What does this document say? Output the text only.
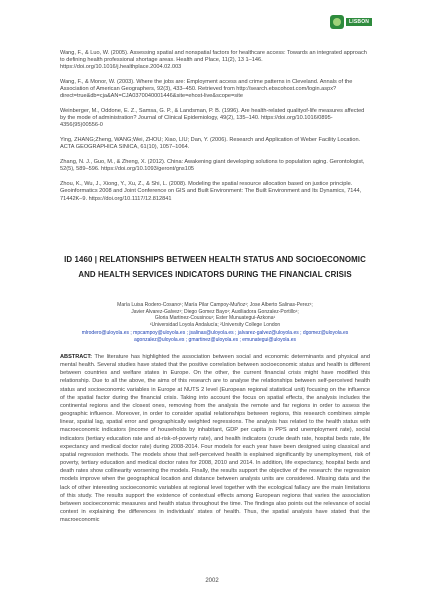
LISBON

Wang, F., & Luo, W. (2005). Assessing spatial and nonspatial factors for healthcare access: Towards an integrated approach to defining health professional shortage areas. Health and Place, 11(2), 13 1–146. https://doi.org/10.1016/j.healthplace.2004.02.003

Wang, F., & Monor, W. (2003). Where the jobs are: Employment access and crime patterns in Cleveland. Annals of the Association of American Geographers, 92(3), 433–450. Retrieved from http://search.ebscohost.com/login.aspx?direct=true&db=cja&AN=CJA0370040001446&site=ehost-live&scope=site

Weinberger, M., Oddone, E. Z., Samsa, G. P., & Landsman, P. B. (1996). Are health-related qualityof-life measures affected by the mode of administration? Journal of Clinical Epidemiology, 49(2), 135–140. https://doi.org/10.1016/0895-4356(95)00556-0

Ying, ZHANG;Zheng, WANG;Wei, ZHOU; Xiao, LIU; Dan, Y. (2006). Research and Application of Weber Facility Location. ACTA GEOGRAPHICA SINICA, 61(10), 1057–1064.

Zhang, N. J., Guo, M., & Zheng, X. (2012). China: Awakening giant developing solutions to population aging. Gerontologist, 52(5), 589–596. https://doi.org/10.1093/geront/gns105

Zhou, K., Wu, J., Xiong, Y., Xu, Z., & Shi, L. (2008). Modeling the spatial resource allocation based on justice principle. Geoinformatics 2008 and Joint Conference on GIS and Built Environment: The Built Environment and Its Dynamics, 7144, 71442K–9. https://doi.org/10.1117/12.812841

ID 1460 | RELATIONSHIPS BETWEEN HEALTH STATUS AND SOCIOECONOMIC AND HEALTH SERVICES INDICATORS DURING THE FINANCIAL CRISIS
María Luisa Rodero-Cosano¹; María Pilar Campoy-Muñoz¹; Jose Alberto Salinas-Perez¹;
Javier Alvarez-Galvez¹; Diego Gomez Bayo¹; Auxiliadora Gonzalez-Portillo¹;
Gloria Martinez-Cousinou¹; Ester Munuategui-Azkona¹
¹Universidad Loyola Andalucía; ²University College London
mlrodero@uloyola.es ; mpcampoy@uloyola.es ; jsalinas@uloyola.es ; jalvarez-galvez@uloyola.es ; dgomez@uloyola.es
agonzalez@uloyola.es ; gmartinez@uloyola.es ; emunategui@uloyola.es
ABSTRACT: The literature has highlighted the association between social and economic determinants and physical and mental health. Several studies have stated that the positive correlation between socioeconomic status and health is different between countries and welfare states in Europe. On the other, the current financial crisis might have modified this relationship. Due to all the above, the aims of this research are to analyse the relationships between self-perceived health status and socioeconomic variables in Europe at NUTS 2 level (European regional statistical unit) focusing on the influence of the spatial factor during the financial crisis. Taking into account the focus on spatial effects, the analysis includes the continental regions and the closest ones, removing from the analysis the remote and far regions in order to assess the geographic influence. Moreover, in order to consider spatial relationships between regions, this research combines simple linear, spatial lag, spatial error and geographically weighted regressions. The analysis has related to the health status with macroeconomic indicators (income of households by inhabitant, GDP per capita in PPS and unemployment rate), social indicators (tertiary education rate and at-risk-of-poverty rate), and health indicators (crude death rate, hospital beds rate, life expectancy and medical doctor rate) during 2008-2014. Four models for each year have been designed using classical and spatial regression methods. The models show that self-perceived health is explained significantly by unemployment, risk of poverty, tertiary education and medical doctor rates for 2008, 2010 and 2014. In addition, life expectancy, hospital beds and death rates show collinearity worsening the models. Finally, the results support the objective of the research: the regression models improve when the geographical location and distance between analysis units are considered. Missing data and the lack of other interesting socioeconomic variables at regional level together with the ecological fallacy are the main limitations of this study. The results support the existence of contextual effects among European regions that varies the association between socioeconomic measures and health status throughout the time. The findings also points out the relevance of social context in explaining the differences in individuals' states of health. Thus, the spatial analysis have stated that the macroeconomic
2002
